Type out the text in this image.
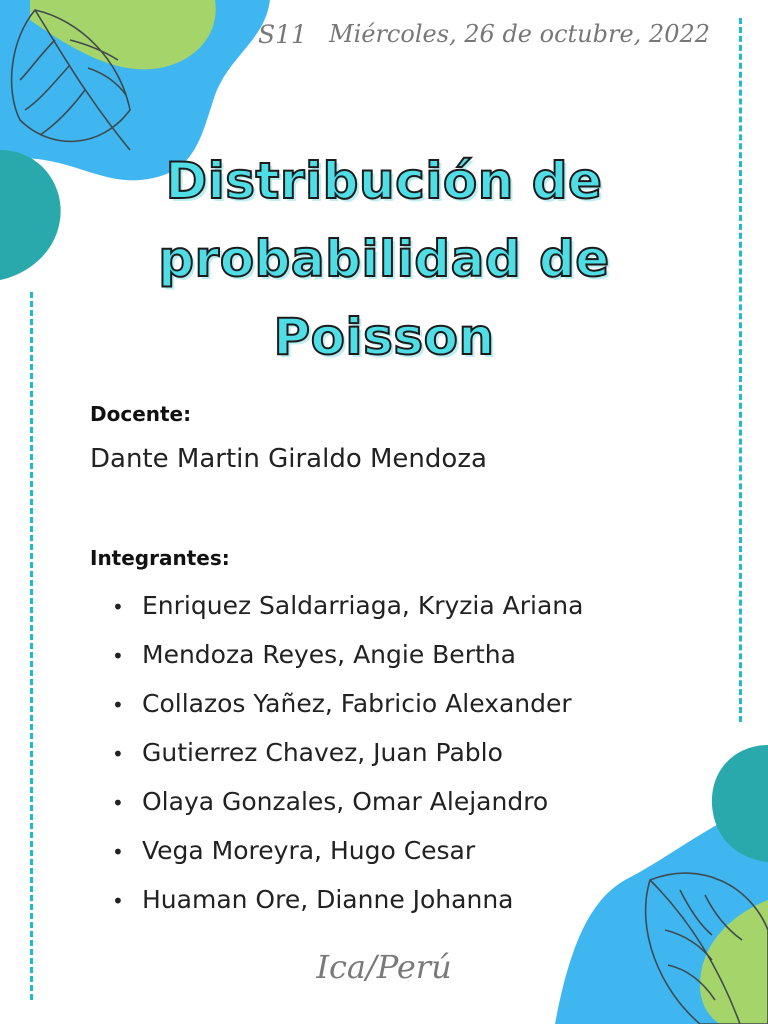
S11 Miércoles, 26 de octubre, 2022
Distribución de
probabilidad de
Poisson
Docente:
Dante Martin Giraldo Mendoza
Integrantes:
• Enriquez Saldarriaga, Kryzia Ariana
• Mendoza Reyes, Angie Bertha
• Collazos Yañez, Fabricio Alexander
• Gutierrez Chavez, Juan Pablo
• Olaya Gonzales, Omar Alejandro
• Vega Moreyra, Hugo Cesar
• Huaman Ore, Dianne Johanna
Ica/Perú
